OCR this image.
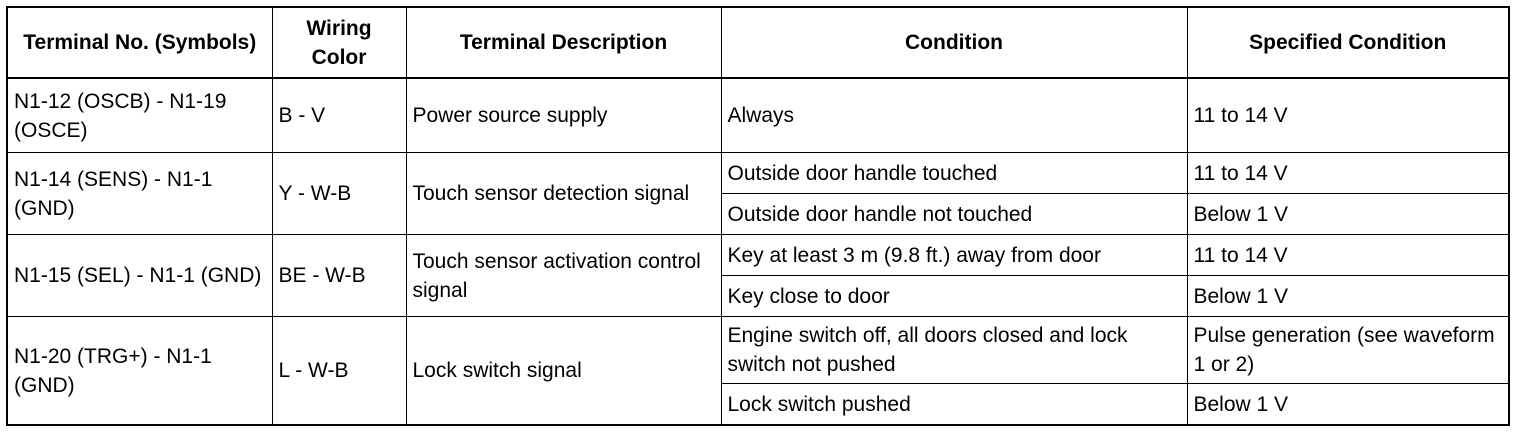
Terminal No. (Symbols)	Wiring Color	Terminal Description	Condition	Specified Condition
N1-12 (OSCB) - N1-19 (OSCE)	B - V	Power source supply	Always	11 to 14 V
N1-14 (SENS) - N1-1 (GND)	Y - W-B	Touch sensor detection signal	Outside door handle touched	11 to 14 V
			Outside door handle not touched	Below 1 V
N1-15 (SEL) - N1-1 (GND)	BE - W-B	Touch sensor activation control signal	Key at least 3 m (9.8 ft.) away from door	11 to 14 V
			Key close to door	Below 1 V
N1-20 (TRG+) - N1-1 (GND)	L - W-B	Lock switch signal	Engine switch off, all doors closed and lock switch not pushed	Pulse generation (see waveform 1 or 2)
			Lock switch pushed	Below 1 V
